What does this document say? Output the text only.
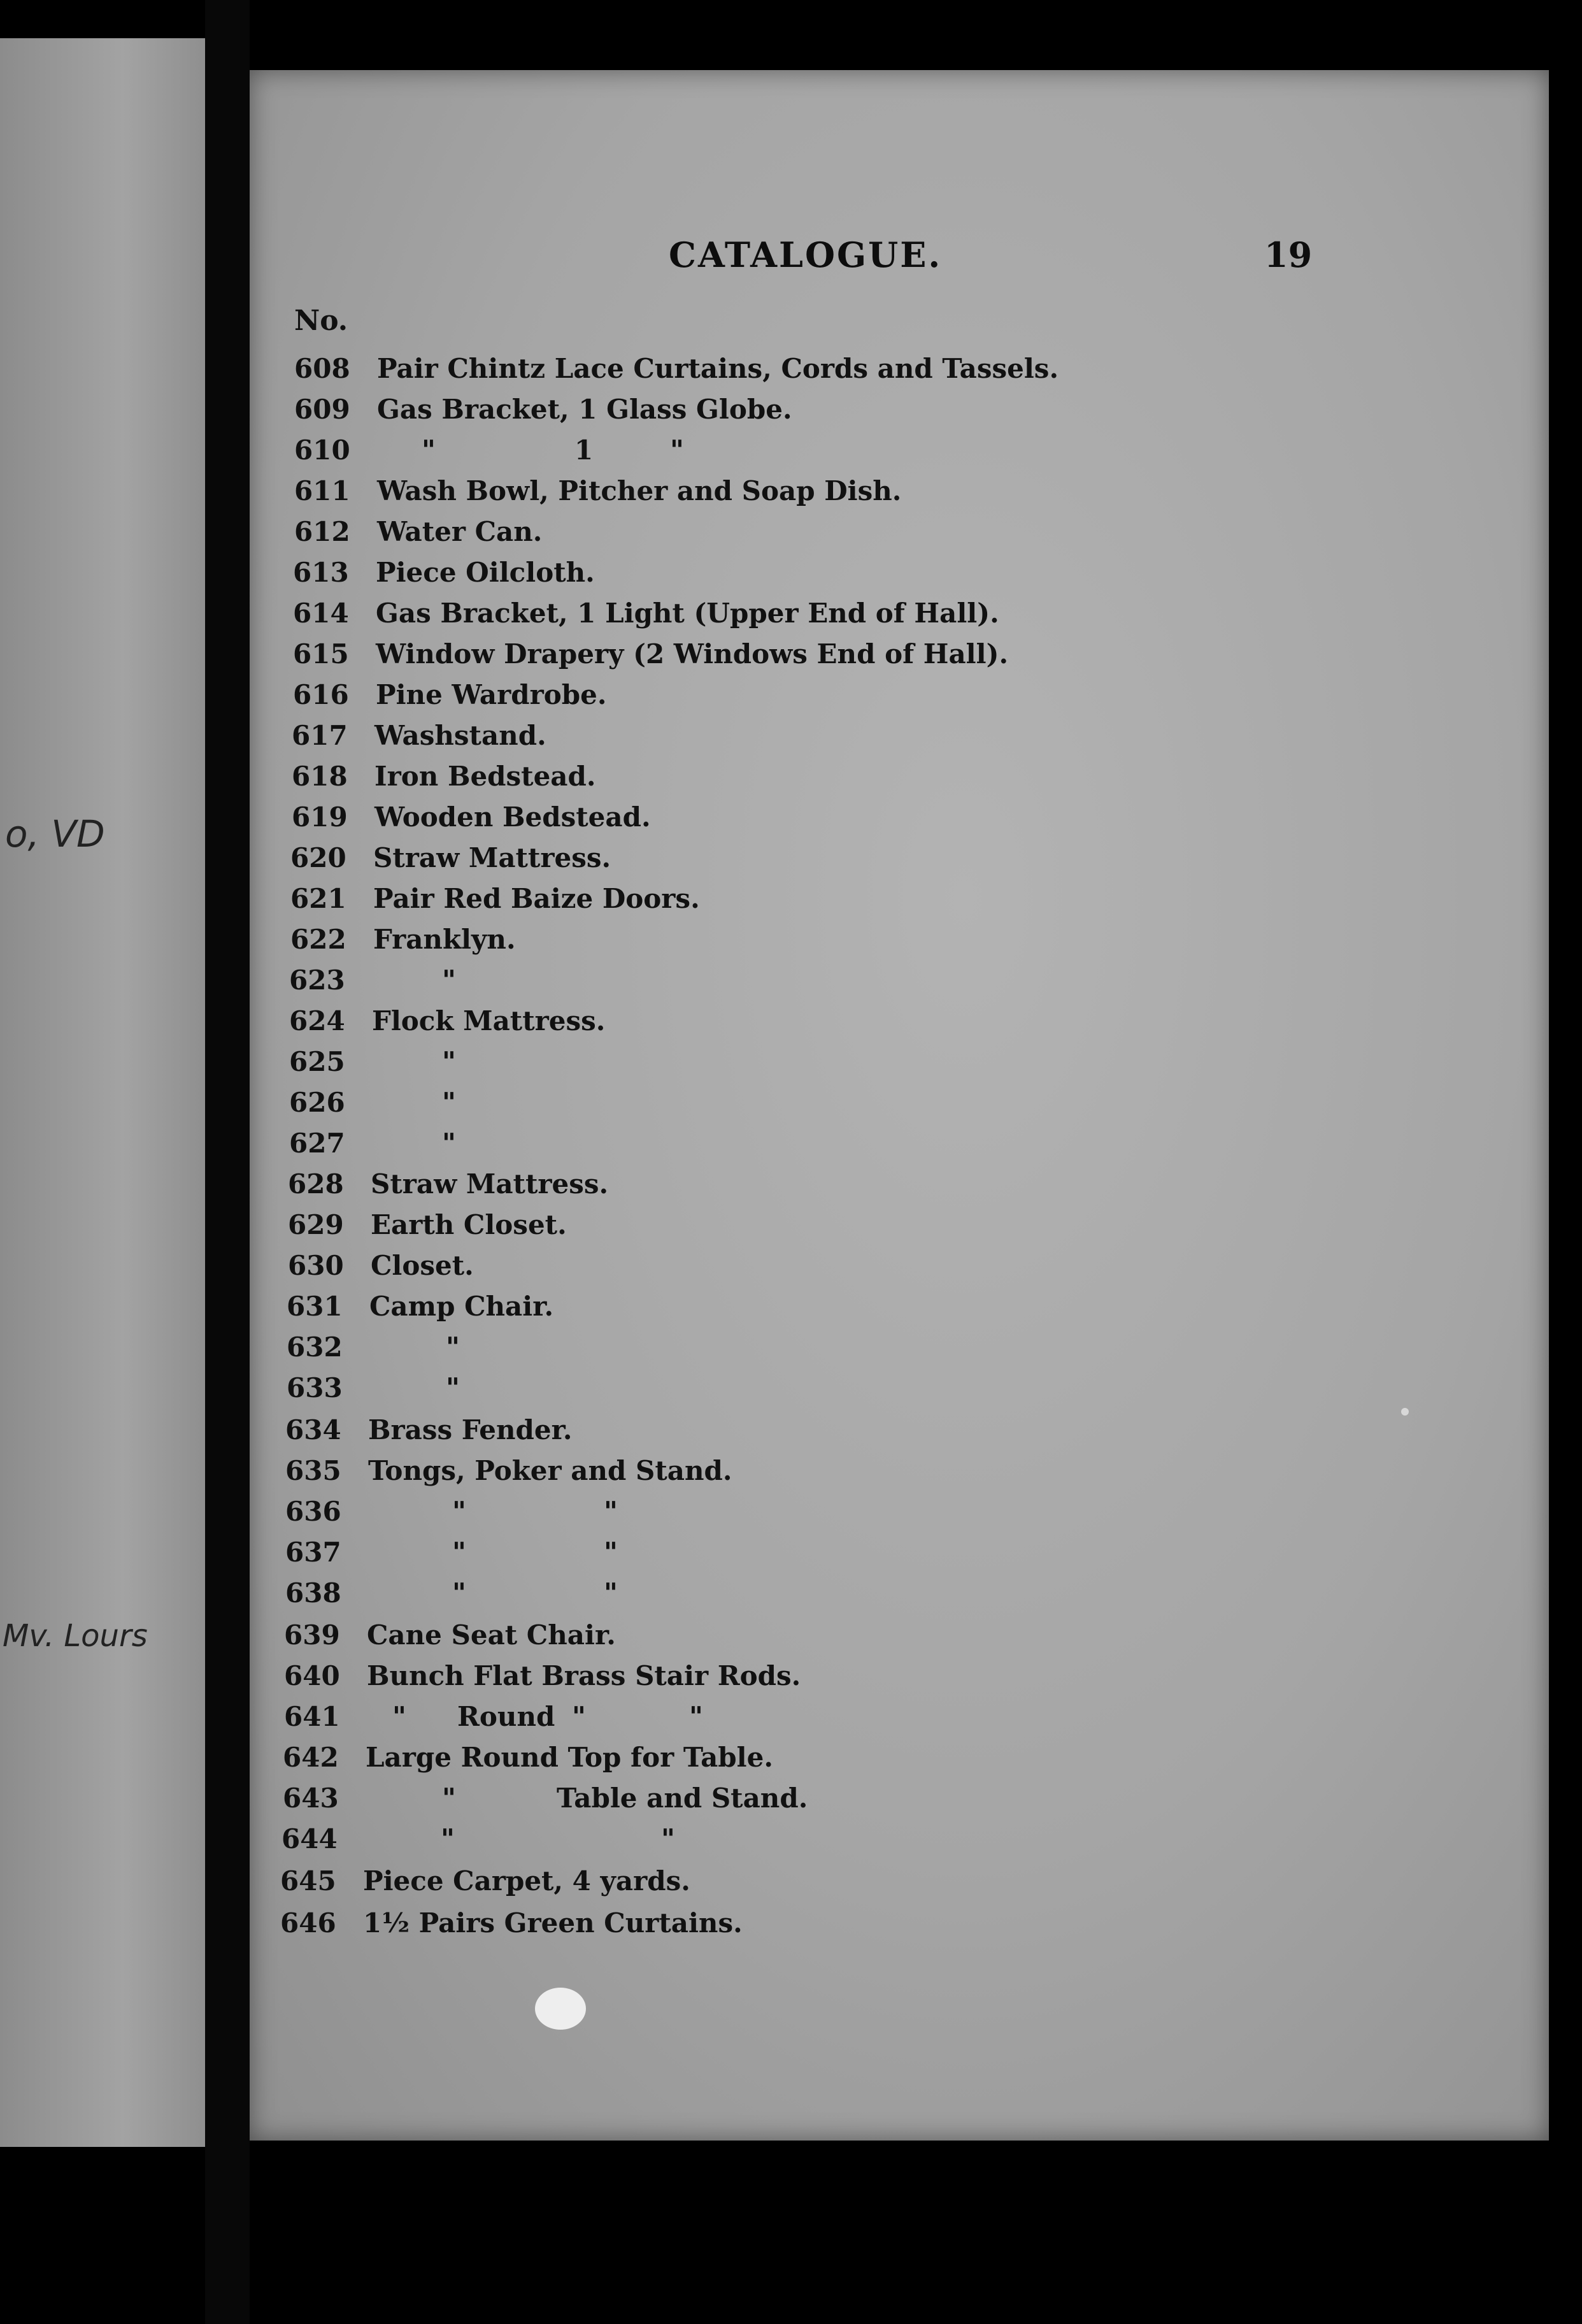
o, VD
Mv. Lours
CATALOGUE.	19
No.
608	Pair Chintz Lace Curtains, Cords and Tassels.
609	Gas Bracket, 1 Glass Globe.
610	"	1	"
611	Wash Bowl, Pitcher and Soap Dish.
612	Water Can.
613	Piece Oilcloth.
614	Gas Bracket, 1 Light (Upper End of Hall).
615	Window Drapery (2 Windows End of Hall).
616	Pine Wardrobe.
617	Washstand.
618	Iron Bedstead.
619	Wooden Bedstead.
620	Straw Mattress.
621	Pair Red Baize Doors.
622	Franklyn.
623	"
624	Flock Mattress.
625	"
626	"
627	"
628	Straw Mattress.
629	Earth Closet.
630	Closet.
631	Camp Chair.
632	"
633	"
634	Brass Fender.
635	Tongs, Poker and Stand.
636	"	"
637	"	"
638	"	"
639	Cane Seat Chair.
640	Bunch Flat Brass Stair Rods.
641	" Round "	"
642	Large Round Top for Table.
643	"	Table and Stand.
644	"	"
645	Piece Carpet, 4 yards.
646	1½ Pairs Green Curtains.
